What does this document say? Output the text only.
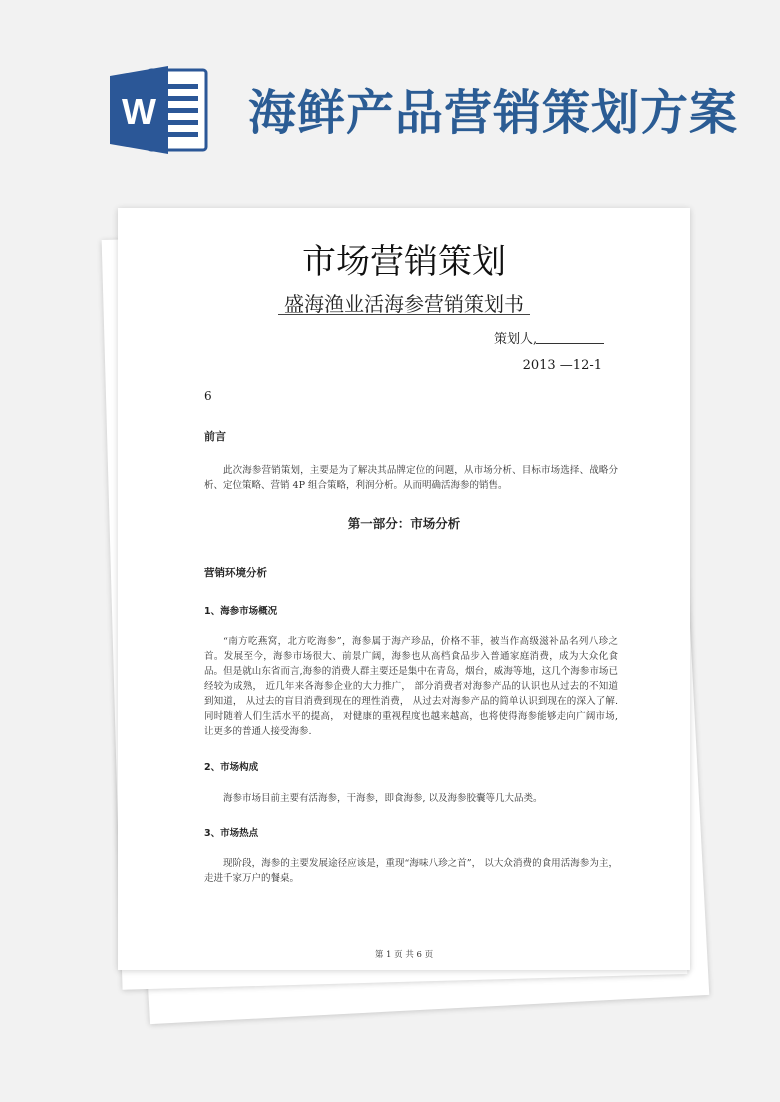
W 海鲜产品营销策划方案
市场营销策划
盛海渔业活海参营销策划书
策划人,
2013 —12-1
6
前言
此次海参营销策划，主要是为了解决其品牌定位的问题，从市场分析、目标市场选择、战略分析、定位策略、营销 4P 组合策略，利润分析。从而明确活海参的销售。
第一部分：市场分析
营销环境分析
1、海参市场概况
“南方吃燕窝，北方吃海参”，海参属于海产珍品，价格不菲，被当作高级滋补品名列八珍之首。发展至今，海参市场很大、前景广阔，海参也从高档食品步入普通家庭消费，成为大众化食品。但是就山东省而言,海参的消费人群主要还是集中在青岛，烟台，威海等地，这几个海参市场已经较为成熟， 近几年来各海参企业的大力推广， 部分消费者对海参产品的认识也从过去的不知道到知道， 从过去的盲目消费到现在的理性消费， 从过去对海参产品的简单认识到现在的深入了解. 同时随着人们生活水平的提高， 对健康的重视程度也越来越高，也将使得海参能够走向广阔市场, 让更多的普通人接受海参.
2、市场构成
海参市场目前主要有活海参，干海参，即食海参, 以及海参胶囊等几大品类。
3、市场热点
现阶段，海参的主要发展途径应该是，重现“海味八珍之首”， 以大众消费的食用活海参为主，走进千家万户的餐桌。
第 1 页 共 6 页
